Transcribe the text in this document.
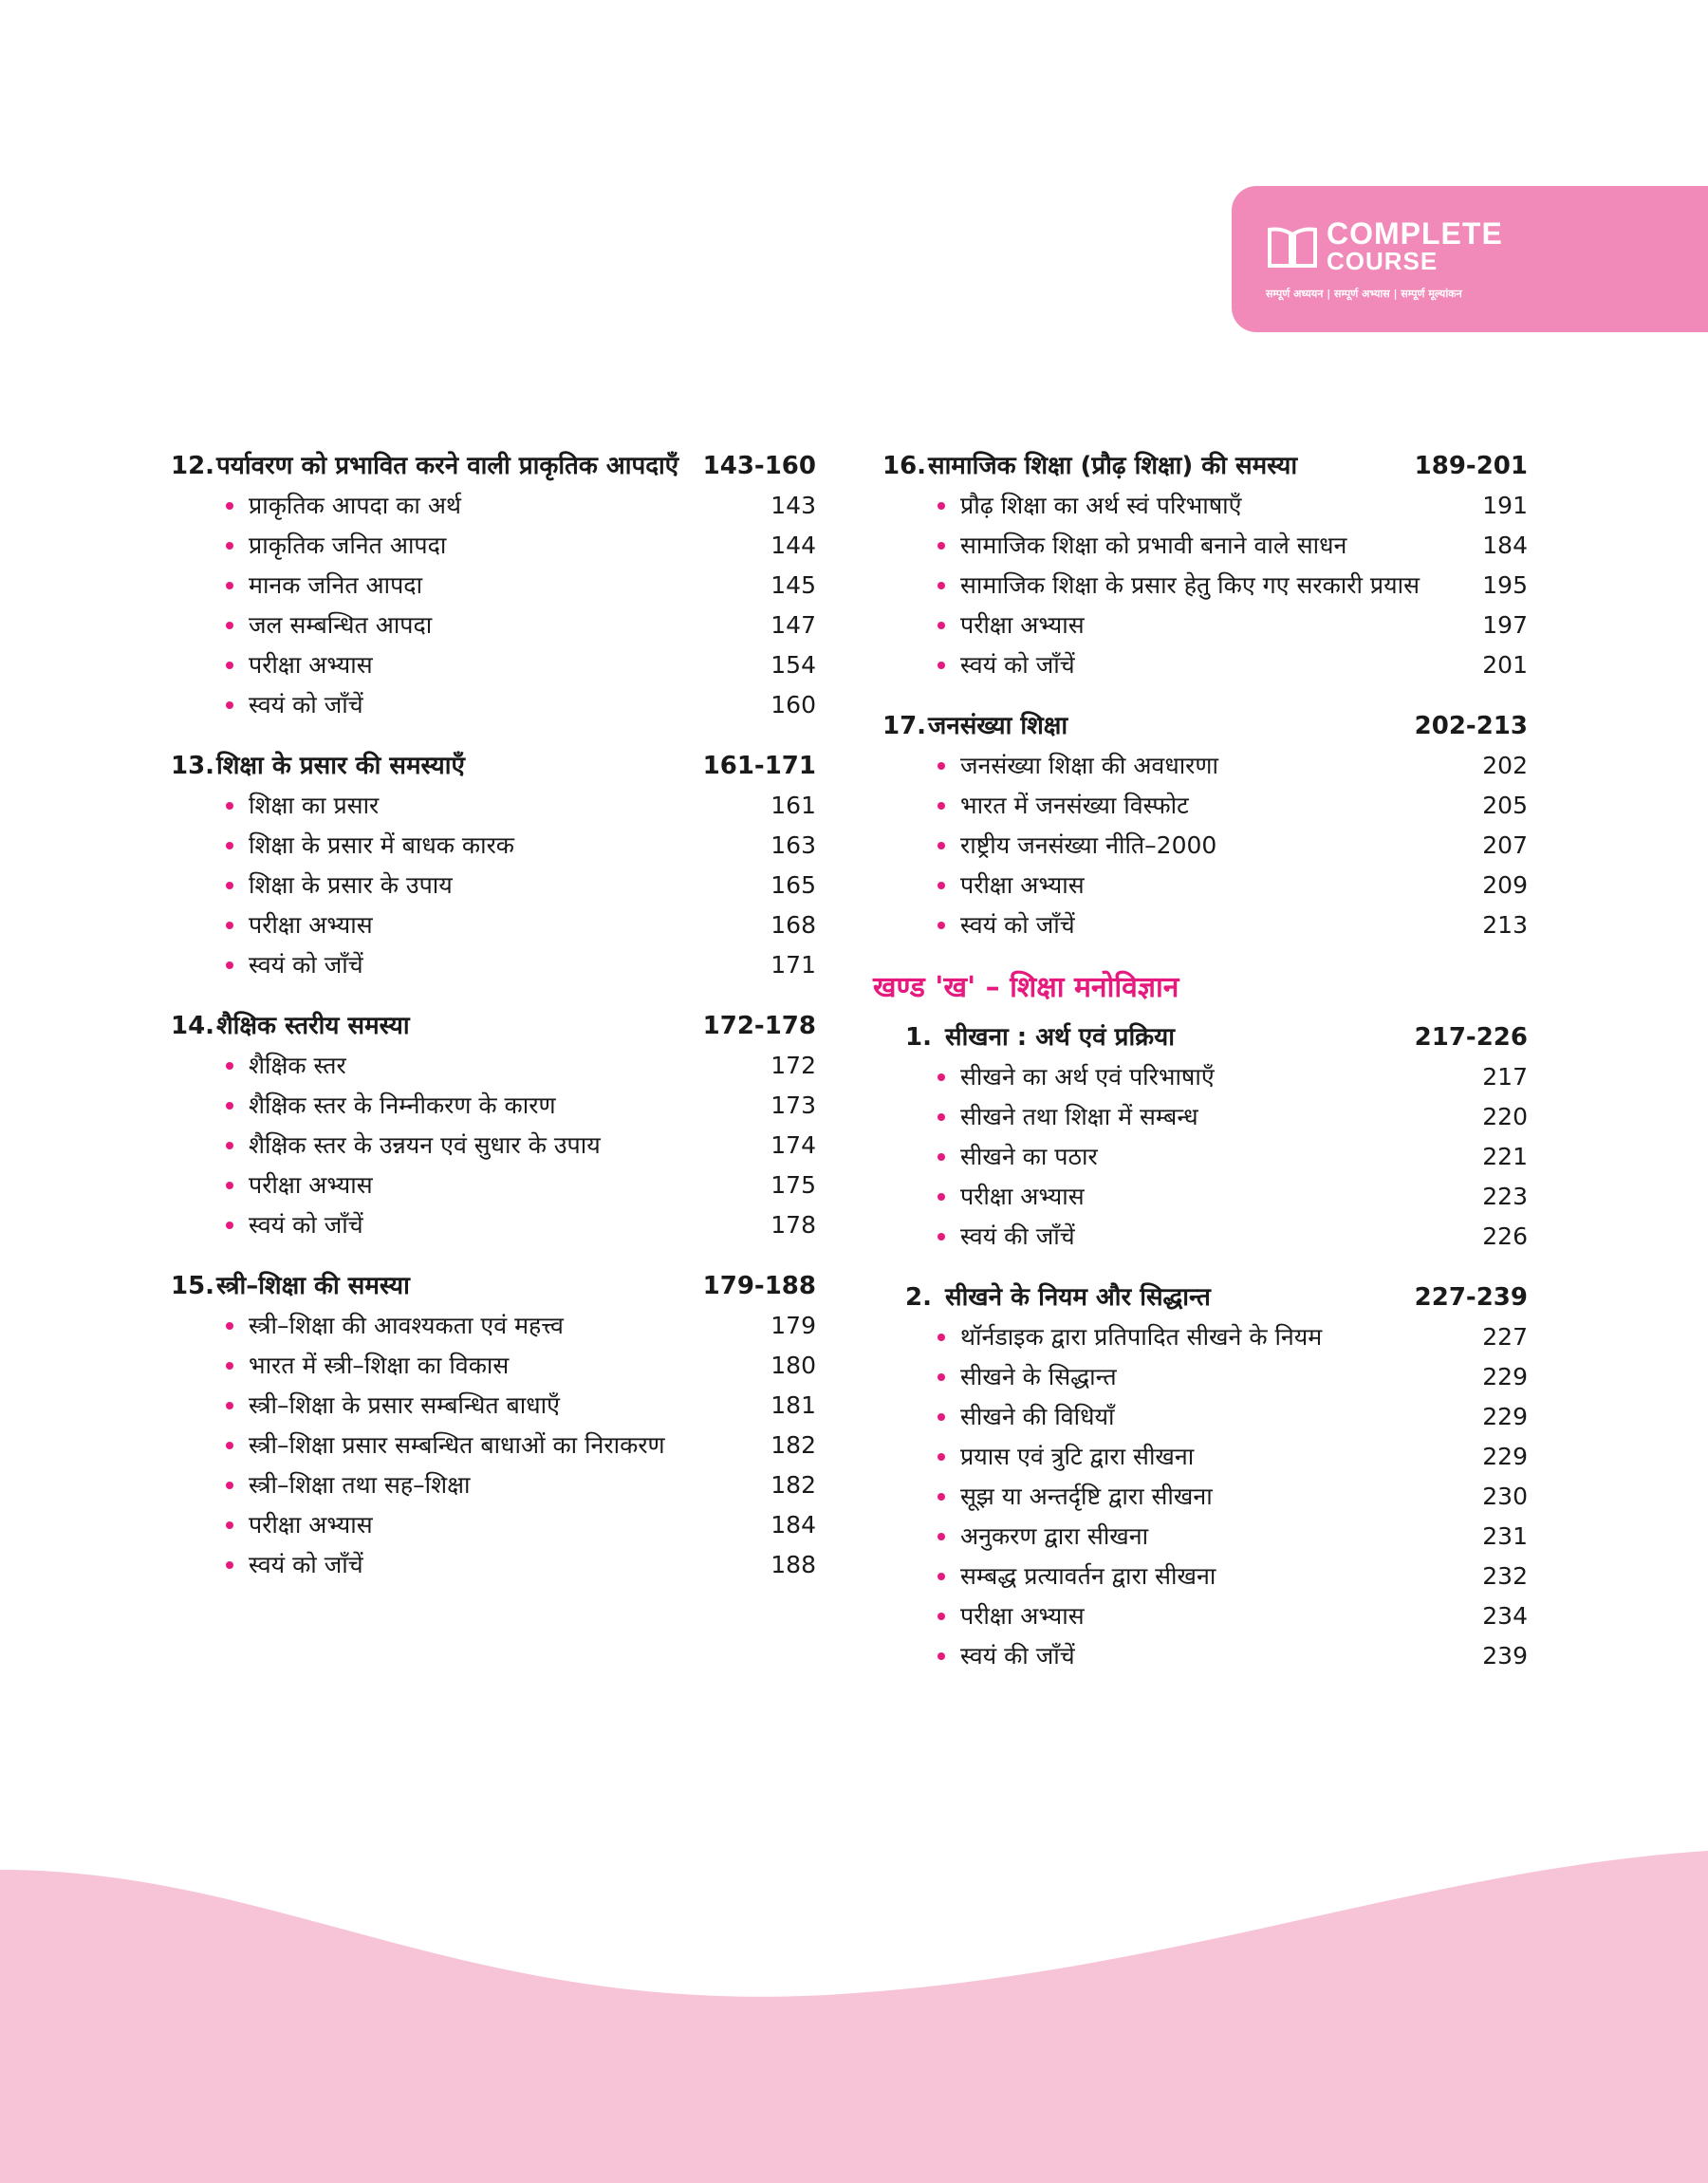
COMPLETE
COURSE
सम्पूर्ण अध्ययन | सम्पूर्ण अभ्यास | सम्पूर्ण मूल्यांकन
12. पर्यावरण को प्रभावित करने वाली प्राकृतिक आपदाएँ 143-160
प्राकृतिक आपदा का अर्थ	143
प्राकृतिक जनित आपदा	144
मानक जनित आपदा	145
जल सम्बन्धित आपदा	147
परीक्षा अभ्यास	154
स्वयं को जाँचें	160
13. शिक्षा के प्रसार की समस्याएँ	161-171
शिक्षा का प्रसार	161
शिक्षा के प्रसार में बाधक कारक	163
शिक्षा के प्रसार के उपाय	165
परीक्षा अभ्यास	168
स्वयं को जाँचें	171
14. शैक्षिक स्तरीय समस्या	172-178
शैक्षिक स्तर	172
शैक्षिक स्तर के निम्नीकरण के कारण	173
शैक्षिक स्तर के उन्नयन एवं सुधार के उपाय	174
परीक्षा अभ्यास	175
स्वयं को जाँचें	178
15. स्त्री–शिक्षा की समस्या	179-188
स्त्री–शिक्षा की आवश्यकता एवं महत्त्व	179
भारत में स्त्री–शिक्षा का विकास	180
स्त्री–शिक्षा के प्रसार सम्बन्धित बाधाएँ	181
स्त्री–शिक्षा प्रसार सम्बन्धित बाधाओं का निराकरण	182
स्त्री–शिक्षा तथा सह–शिक्षा	182
परीक्षा अभ्यास	184
स्वयं को जाँचें	188
16. सामाजिक शिक्षा (प्रौढ़ शिक्षा) की समस्या	189-201
प्रौढ़ शिक्षा का अर्थ स्वं परिभाषाएँ	191
सामाजिक शिक्षा को प्रभावी बनाने वाले साधन	184
सामाजिक शिक्षा के प्रसार हेतु किए गए सरकारी प्रयास	195
परीक्षा अभ्यास	197
स्वयं को जाँचें	201
17. जनसंख्या शिक्षा	202-213
जनसंख्या शिक्षा की अवधारणा	202
भारत में जनसंख्या विस्फोट	205
राष्ट्रीय जनसंख्या नीति–2000	207
परीक्षा अभ्यास	209
स्वयं को जाँचें	213
खण्ड 'ख' – शिक्षा मनोविज्ञान
1. सीखना : अर्थ एवं प्रक्रिया	217-226
सीखने का अर्थ एवं परिभाषाएँ	217
सीखने तथा शिक्षा में सम्बन्ध	220
सीखने का पठार	221
परीक्षा अभ्यास	223
स्वयं की जाँचें	226
2. सीखने के नियम और सिद्धान्त	227-239
थॉर्नडाइक द्वारा प्रतिपादित सीखने के नियम	227
सीखने के सिद्धान्त	229
सीखने की विधियाँ	229
प्रयास एवं त्रुटि द्वारा सीखना	229
सूझ या अन्तर्दृष्टि द्वारा सीखना	230
अनुकरण द्वारा सीखना	231
सम्बद्ध प्रत्यावर्तन द्वारा सीखना	232
परीक्षा अभ्यास	234
स्वयं की जाँचें	239
